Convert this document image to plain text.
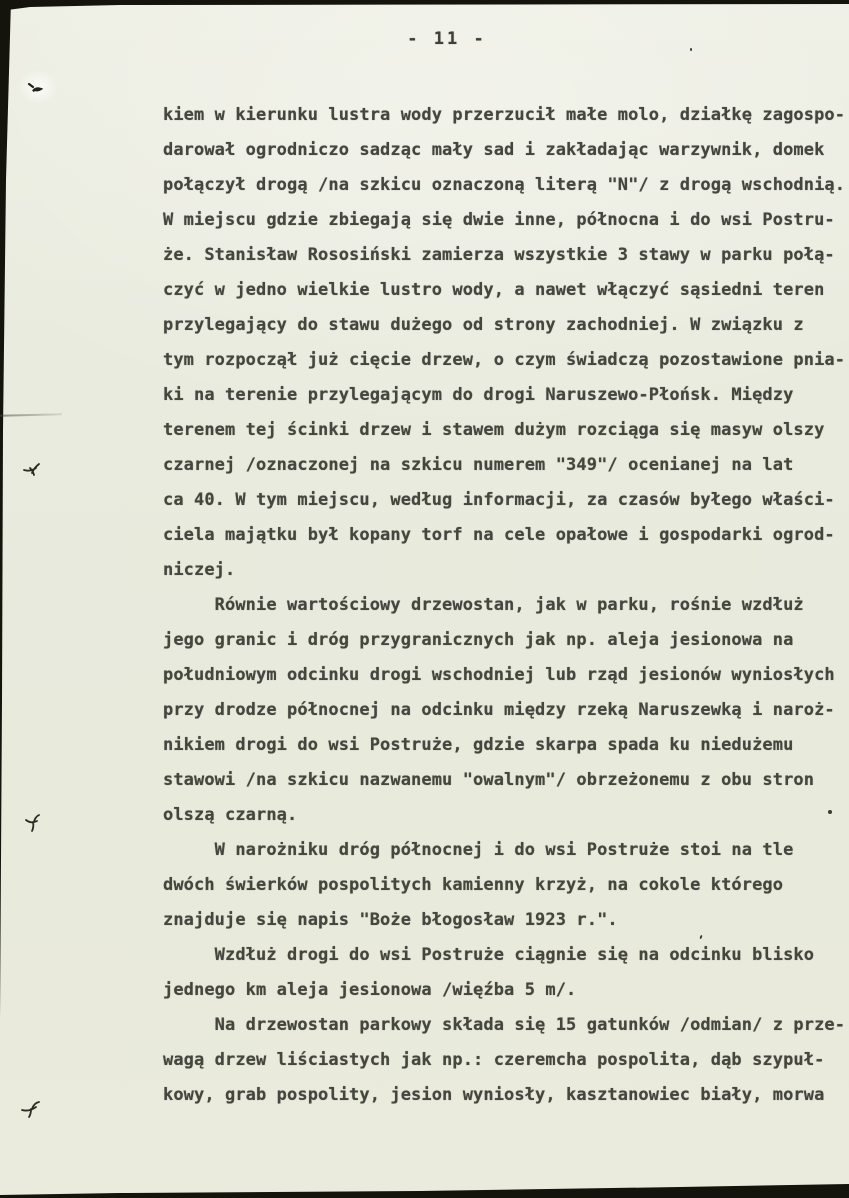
- 11 -
kiem w kierunku lustra wody przerzucił małe molo, działkę zagospo-
darował ogrodniczo sadząc mały sad i zakładając warzywnik, domek
połączył drogą /na szkicu oznaczoną literą "N"/ z drogą wschodnią.
W miejscu gdzie zbiegają się dwie inne, północna i do wsi Postru-
że. Stanisław Rososiński zamierza wszystkie 3 stawy w parku połą-
czyć w jedno wielkie lustro wody, a nawet włączyć sąsiedni teren
przylegający do stawu dużego od strony zachodniej. W związku z
tym rozpoczął już cięcie drzew, o czym świadczą pozostawione pnia-
ki na terenie przylegającym do drogi Naruszewo-Płońsk. Między
terenem tej ścinki drzew i stawem dużym rozciąga się masyw olszy
czarnej /oznaczonej na szkicu numerem "349"/ ocenianej na lat
ca 40. W tym miejscu, według informacji, za czasów byłego właści-
ciela majątku był kopany torf na cele opałowe i gospodarki ogrod-
niczej.
Równie wartościowy drzewostan, jak w parku, rośnie wzdłuż
jego granic i dróg przygranicznych jak np. aleja jesionowa na
południowym odcinku drogi wschodniej lub rząd jesionów wyniosłych
przy drodze północnej na odcinku między rzeką Naruszewką i naroż-
nikiem drogi do wsi Postruże, gdzie skarpa spada ku niedużemu
stawowi /na szkicu nazwanemu "owalnym"/ obrzeżonemu z obu stron
olszą czarną.
W narożniku dróg północnej i do wsi Postruże stoi na tle
dwóch świerków pospolitych kamienny krzyż, na cokole którego
znajduje się napis "Boże błogosław 1923 r.".
Wzdłuż drogi do wsi Postruże ciągnie się na odcinku blisko
jednego km aleja jesionowa /więźba 5 m/.
Na drzewostan parkowy składa się 15 gatunków /odmian/ z prze-
wagą drzew liściastych jak np.: czeremcha pospolita, dąb szypuł-
kowy, grab pospolity, jesion wyniosły, kasztanowiec biały, morwa
